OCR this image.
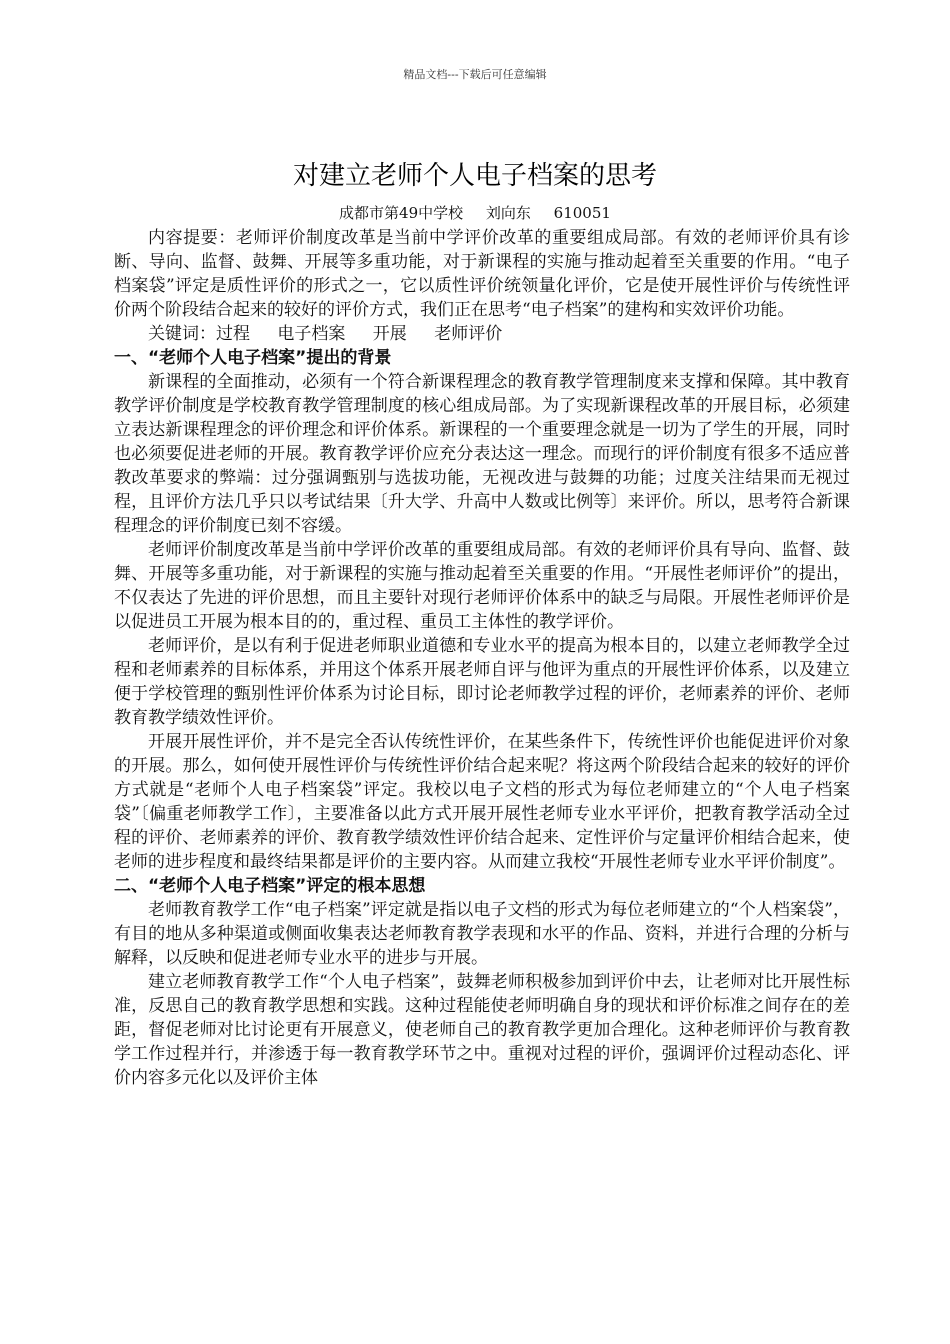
精品文档---下载后可任意编辑
对建立老师个人电子档案的思考
成都市第49中学校 刘向东 610051

内容提要：老师评价制度改革是当前中学评价改革的重要组成局部。有效的老师评价具有诊断、导向、监督、鼓舞、开展等多重功能，对于新课程的实施与推动起着至关重要的作用。“电子档案袋”评定是质性评价的形式之一，它以质性评价统领量化评价，它是使开展性评价与传统性评价两个阶段结合起来的较好的评价方式，我们正在思考“电子档案”的建构和实效评价功能。

关键词：过程 电子档案 开展 老师评价

一、“老师个人电子档案”提出的背景

新课程的全面推动，必须有一个符合新课程理念的教育教学管理制度来支撑和保障。其中教育教学评价制度是学校教育教学管理制度的核心组成局部。为了实现新课程改革的开展目标，必须建立表达新课程理念的评价理念和评价体系。新课程的一个重要理念就是一切为了学生的开展，同时也必须要促进老师的开展。教育教学评价应充分表达这一理念。而现行的评价制度有很多不适应普教改革要求的弊端：过分强调甄别与选拔功能，无视改进与鼓舞的功能；过度关注结果而无视过程，且评价方法几乎只以考试结果〔升大学、升高中人数或比例等〕来评价。所以，思考符合新课程理念的评价制度已刻不容缓。

老师评价制度改革是当前中学评价改革的重要组成局部。有效的老师评价具有导向、监督、鼓舞、开展等多重功能，对于新课程的实施与推动起着至关重要的作用。“开展性老师评价”的提出，不仅表达了先进的评价思想，而且主要针对现行老师评价体系中的缺乏与局限。开展性老师评价是以促进员工开展为根本目的的，重过程、重员工主体性的教学评价。

老师评价，是以有利于促进老师职业道德和专业水平的提高为根本目的，以建立老师教学全过程和老师素养的目标体系，并用这个体系开展老师自评与他评为重点的开展性评价体系，以及建立便于学校管理的甄别性评价体系为讨论目标，即讨论老师教学过程的评价，老师素养的评价、老师教育教学绩效性评价。

开展开展性评价，并不是完全否认传统性评价，在某些条件下，传统性评价也能促进评价对象的开展。那么，如何使开展性评价与传统性评价结合起来呢？将这两个阶段结合起来的较好的评价方式就是“老师个人电子档案袋”评定。我校以电子文档的形式为每位老师建立的“个人电子档案袋”〔偏重老师教学工作〕，主要准备以此方式开展开展性老师专业水平评价，把教育教学活动全过程的评价、老师素养的评价、教育教学绩效性评价结合起来、定性评价与定量评价相结合起来，使老师的进步程度和最终结果都是评价的主要内容。从而建立我校“开展性老师专业水平评价制度”。

二、“老师个人电子档案”评定的根本思想

老师教育教学工作“电子档案”评定就是指以电子文档的形式为每位老师建立的“个人档案袋”，有目的地从多种渠道或侧面收集表达老师教育教学表现和水平的作品、资料，并进行合理的分析与解释，以反映和促进老师专业水平的进步与开展。

建立老师教育教学工作“个人电子档案”，鼓舞老师积极参加到评价中去，让老师对比开展性标准，反思自己的教育教学思想和实践。这种过程能使老师明确自身的现状和评价标准之间存在的差距，督促老师对比讨论更有开展意义，使老师自己的教育教学更加合理化。这种老师评价与教育教学工作过程并行，并渗透于每一教育教学环节之中。重视对过程的评价，强调评价过程动态化、评价内容多元化以及评价主体
